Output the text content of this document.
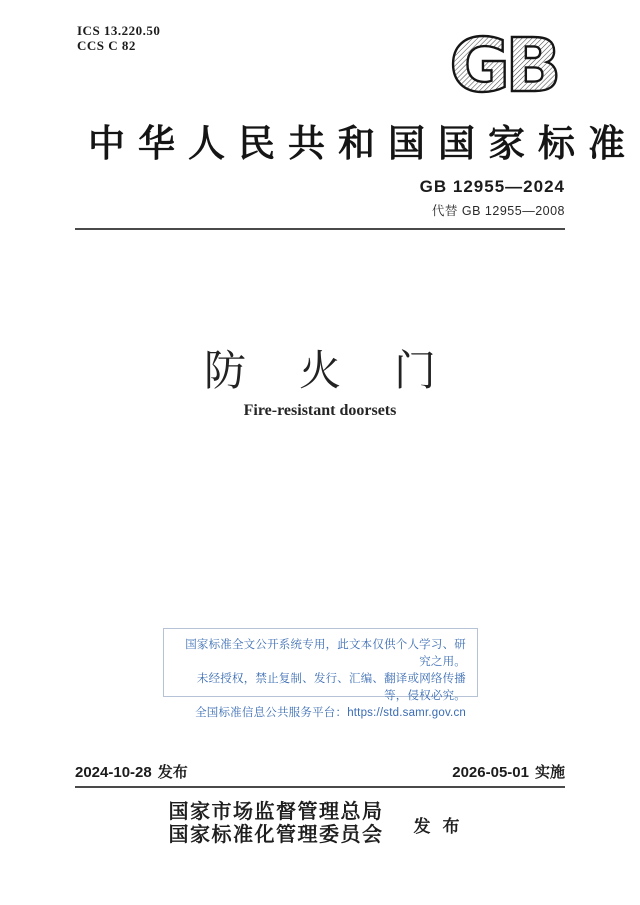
ICS 13.220.50
CCS C 82	GB
中华人民共和国国家标准
GB 12955—2024
代替 GB 12955—2008
防火门
Fire-resistant doorsets
国家标准全文公开系统专用，此文本仅供个人学习、研究之用。
未经授权，禁止复制、发行、汇编、翻译或网络传播等，侵权必究。
全国标准信息公共服务平台：https://std.samr.gov.cn
2024-10-28 发布	2026-05-01 实施
国家市场监督管理总局
国家标准化管理委员会	发布
